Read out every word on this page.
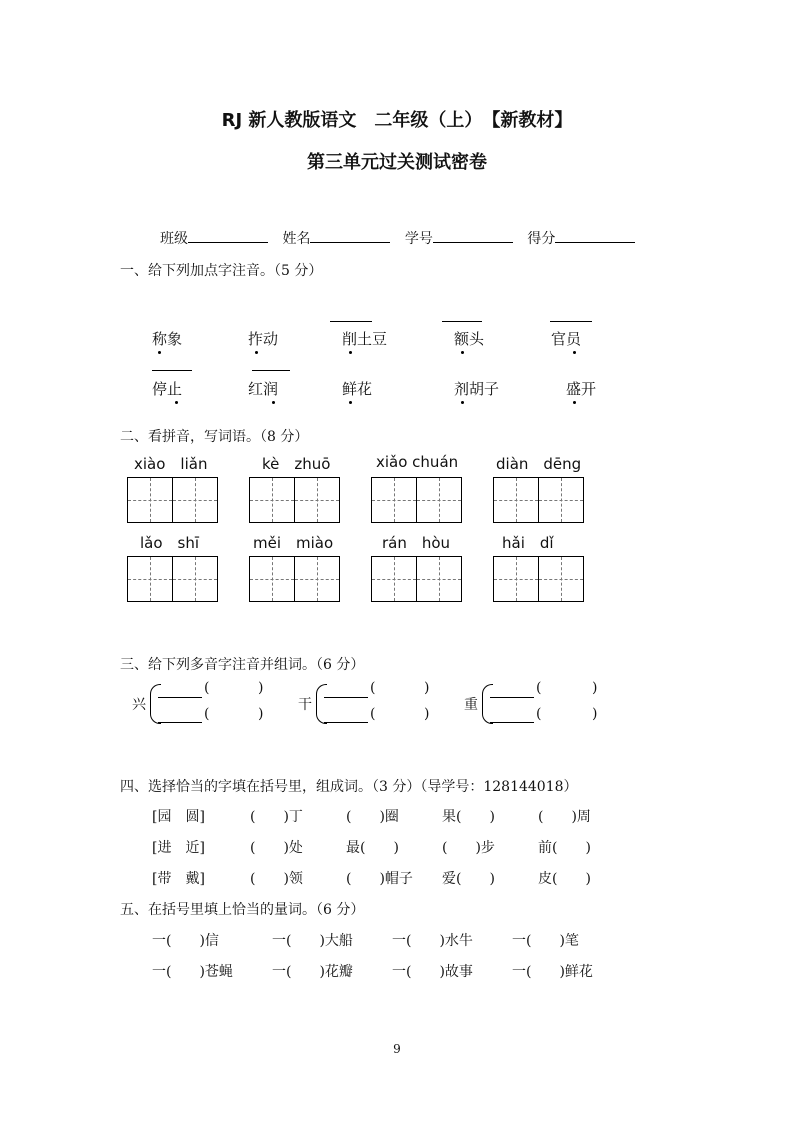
RJ 新人教版语文　二年级（上）　【新教材】
第三单元过关测试密卷
班级	姓名	学号	得分
一、给下列加点字注音。（5 分）
称象	拃动	削土豆	额头	官员
停止	红润	鲜花	剂胡子	盛开
二、看拼音，写词语。（8 分）
xiào　liǎn	kè　zhuō	xiǎo chuán	diàn　dēng
lǎo　shī	měi　miào	rán　hòu	hǎi　dǐ
三、给下列多音字注音并组词。（6 分）
兴
(	)
(	)
干
(	)
(	)
重
(	)
(	)
四、选择恰当的字填在括号里，组成词。（3 分）（导学号：128144018）
[园　圆]	(　　)丁	(　　)圈	果(　　)	(　　)周
[进　近]	(　　)处	最(　　)	(　　)步	前(　　)
[带　戴]	(　　)领	(　　)帽子 爱(　　)	皮(　　)
五、在括号里填上恰当的量词。（6 分）
一(　　)信	一(　　)大船	一(　　)水牛	一(　　)笔
一(　　)苍蝇	一(　　)花瓣	一(　　)故事	一(　　)鲜花
9
